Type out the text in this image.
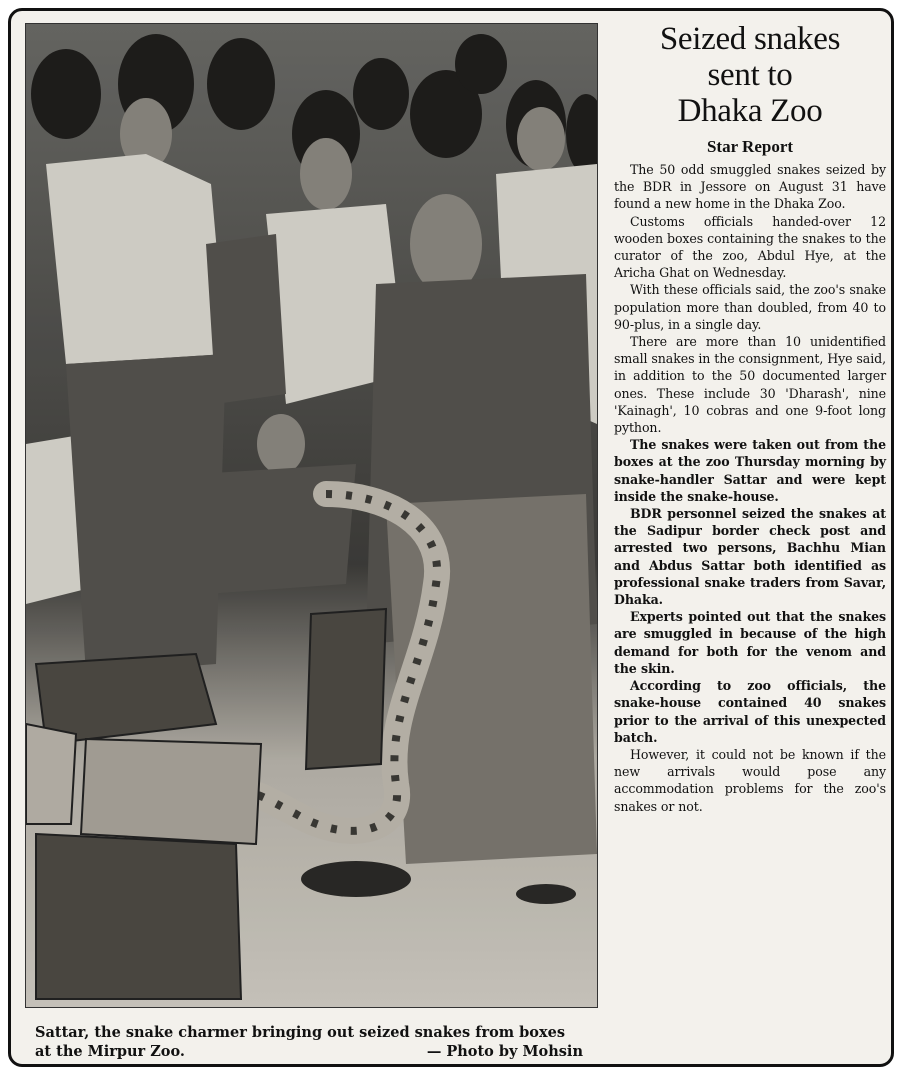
Sattar, the snake charmer bringing out seized snakes from boxes at the Mirpur Zoo.	— Photo by Mohsin
Seized snakes
sent to
Dhaka Zoo
Star Report

The 50 odd smuggled snakes seized by the BDR in Jessore on August 31 have found a new home in the Dhaka Zoo.

Customs officials handed-over 12 wooden boxes containing the snakes to the curator of the zoo, Abdul Hye, at the Aricha Ghat on Wednesday.

With these officials said, the zoo's snake population more than doubled, from 40 to 90-plus, in a single day.

There are more than 10 unidentified small snakes in the consignment, Hye said, in addition to the 50 documented larger ones. These include 30 'Dharash', nine 'Kainagh', 10 cobras and one 9-foot long python.

The snakes were taken out from the boxes at the zoo Thursday morning by snake-handler Sattar and were kept inside the snake-house.

BDR personnel seized the snakes at the Sadipur border check post and arrested two persons, Bachhu Mian and Abdus Sattar both identified as professional snake traders from Savar, Dhaka.

Experts pointed out that the snakes are smuggled in because of the high demand for both for the venom and the skin.

According to zoo officials, the snake-house contained 40 snakes prior to the arrival of this unexpected batch.

However, it could not be known if the new arrivals would pose any accommodation problems for the zoo's snakes or not.
